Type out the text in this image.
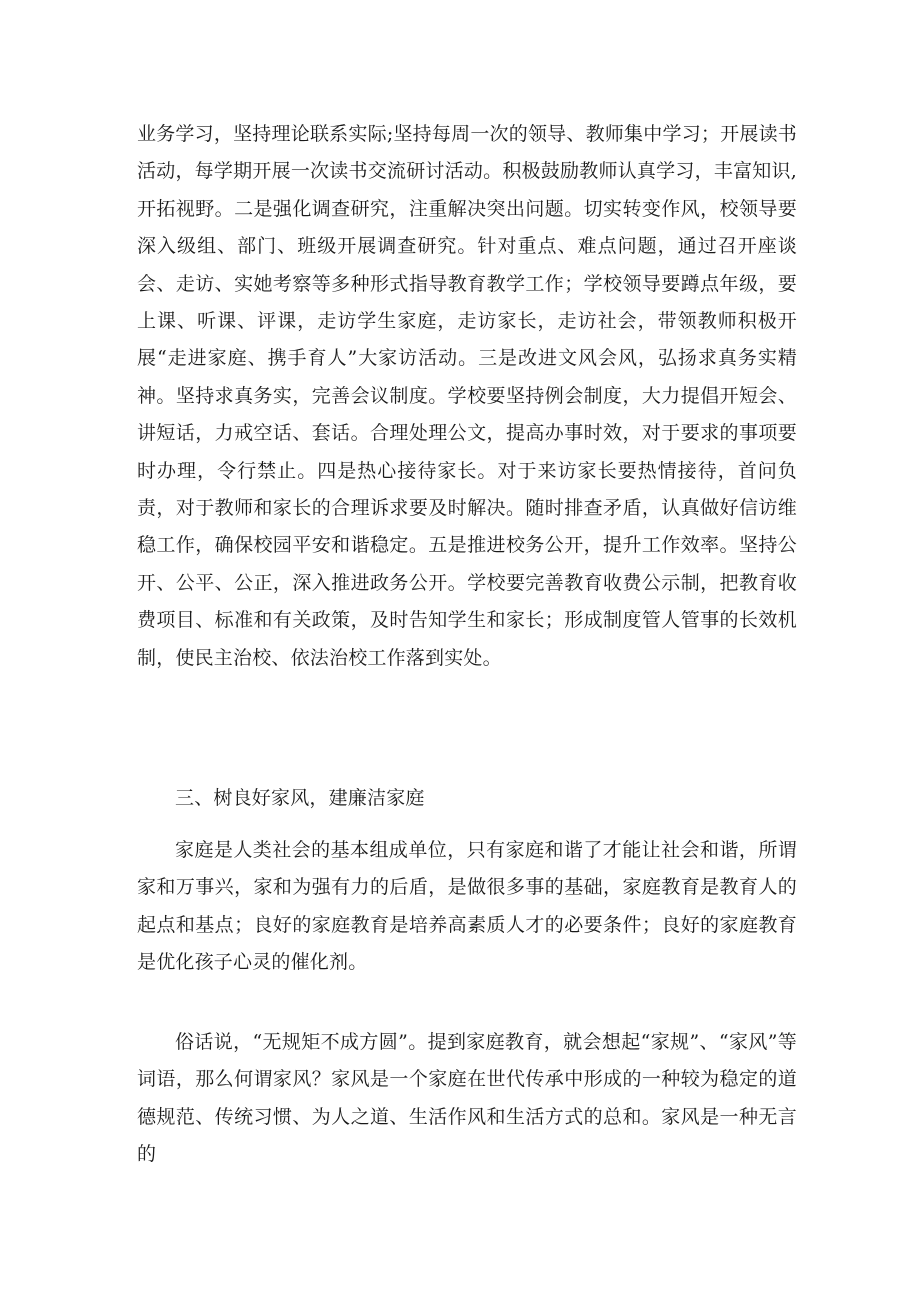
业务学习，坚持理论联系实际;坚持每周一次的领导、教师集中学习；开展读书活动，每学期开展一次读书交流研讨活动。积极鼓励教师认真学习，丰富知识,开拓视野。二是强化调查研究，注重解决突出问题。切实转变作风，校领导要深入级组、部门、班级开展调查研究。针对重点、难点问题，通过召开座谈会、走访、实她考察等多种形式指导教育教学工作；学校领导要蹲点年级，要上课、听课、评课，走访学生家庭，走访家长，走访社会，带领教师积极开展“走进家庭、携手育人”大家访活动。三是改进文风会风，弘扬求真务实精神。坚持求真务实，完善会议制度。学校要坚持例会制度，大力提倡开短会、讲短话，力戒空话、套话。合理处理公文，提高办事时效，对于要求的事项要时办理，令行禁止。四是热心接待家长。对于来访家长要热情接待，首问负责，对于教师和家长的合理诉求要及时解决。随时排查矛盾，认真做好信访维稳工作，确保校园平安和谐稳定。五是推进校务公开，提升工作效率。坚持公开、公平、公正，深入推进政务公开。学校要完善教育收费公示制，把教育收费项目、标准和有关政策，及时告知学生和家长；形成制度管人管事的长效机制，使民主治校、依法治校工作落到实处。

三、树良好家风，建廉洁家庭

家庭是人类社会的基本组成单位，只有家庭和谐了才能让社会和谐，所谓家和万事兴，家和为强有力的后盾，是做很多事的基础，家庭教育是教育人的起点和基点；良好的家庭教育是培养高素质人才的必要条件；良好的家庭教育是优化孩子心灵的催化剂。

俗话说，“无规矩不成方圆”。提到家庭教育，就会想起“家规”、“家风”等词语，那么何谓家风？家风是一个家庭在世代传承中形成的一种较为稳定的道德规范、传统习惯、为人之道、生活作风和生活方式的总和。家风是一种无言的
